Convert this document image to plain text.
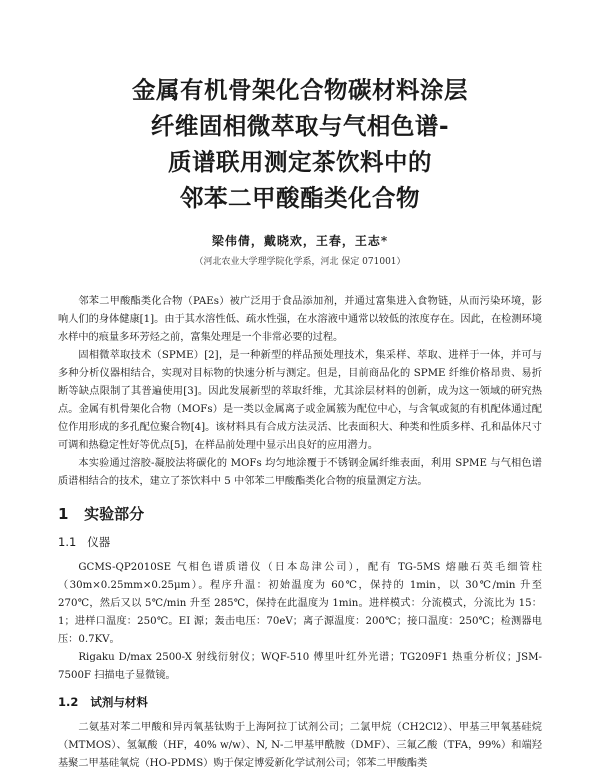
金属有机骨架化合物碳材料涂层
纤维固相微萃取与气相色谱-
质谱联用测定茶饮料中的
邻苯二甲酸酯类化合物
梁伟倩，戴晓欢，王春，王志*
（河北农业大学理学院化学系，河北 保定 071001）

邻苯二甲酸酯类化合物（PAEs）被广泛用于食品添加剂，并通过富集进入食物链，从而污染环境，影响人们的身体健康[1]。由于其水溶性低、疏水性强，在水溶液中通常以较低的浓度存在。因此，在检测环境水样中的痕量多环芳烃之前，富集处理是一个非常必要的过程。

固相微萃取技术（SPME）[2]，是一种新型的样品预处理技术，集采样、萃取、进样于一体，并可与多种分析仪器相结合，实现对目标物的快速分析与测定。但是，目前商品化的 SPME 纤维价格昂贵、易折断等缺点限制了其普遍使用[3]。因此发展新型的萃取纤维，尤其涂层材料的创新，成为这一领域的研究热点。金属有机骨架化合物（MOFs）是一类以金属离子或金属簇为配位中心，与含氧或氮的有机配体通过配位作用形成的多孔配位聚合物[4]。该材料具有合成方法灵活、比表面积大、种类和性质多样、孔和晶体尺寸可调和热稳定性好等优点[5]，在样品前处理中显示出良好的应用潜力。

本实验通过溶胶-凝胶法将碳化的 MOFs 均匀地涂覆于不锈钢金属纤维表面，利用 SPME 与气相色谱质谱相结合的技术，建立了茶饮料中 5 中邻苯二甲酸酯类化合物的痕量测定方法。

1 实验部分
1.1 仪器

GCMS-QP2010SE 气相色谱质谱仪（日本岛津公司），配有 TG-5MS 熔融石英毛细管柱（30m×0.25mm×0.25μm）。程序升温：初始温度为 60℃，保持的 1min，以 30℃/min 升至 270℃，然后又以 5℃/min 升至 285℃，保持在此温度为 1min。进样模式：分流模式，分流比为 15：1；进样口温度：250℃。EI 源；轰击电压：70eV；离子源温度：200℃；接口温度：250℃；检测器电压：0.7KV。

Rigaku D/max 2500-X 射线衍射仪；WQF-510 傅里叶红外光谱；TG209F1 热重分析仪；JSM-7500F 扫描电子显微镜。

1.2 试剂与材料

二氨基对苯二甲酸和异丙氧基钛购于上海阿拉丁试剂公司；二氯甲烷（CH2Cl2）、甲基三甲氧基硅烷（MTMOS）、氢氟酸（HF，40% w/w）、N, N-二甲基甲酰胺（DMF）、三氟乙酸（TFA，99%）和端羟基聚二甲基硅氧烷（HO-PDMS）购于保定博爱新化学试剂公司；邻苯二甲酸酯类
